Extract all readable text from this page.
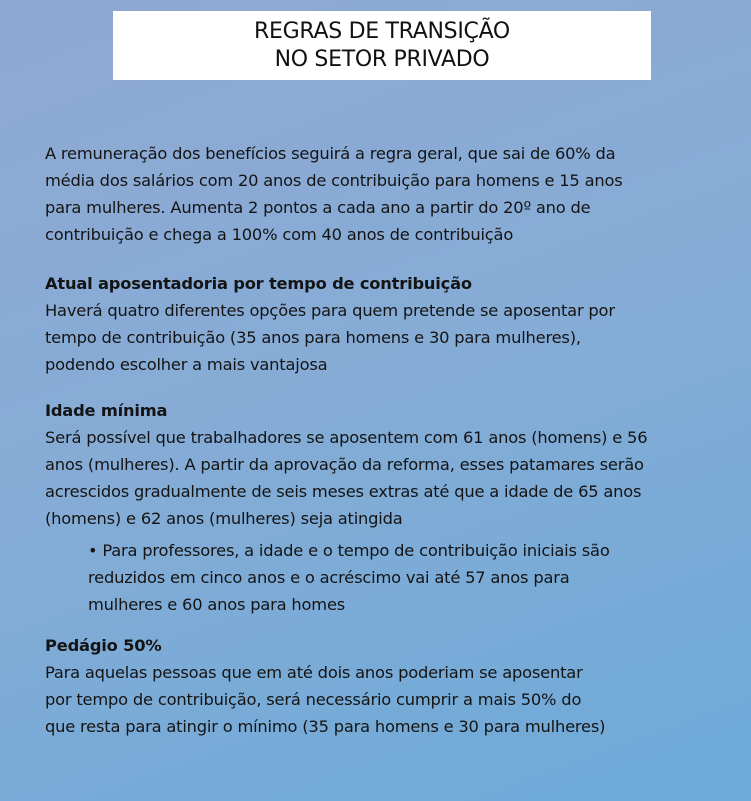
REGRAS DE TRANSIÇÃO
NO SETOR PRIVADO

A remuneração dos benefícios seguirá a regra geral, que sai de 60% da
média dos salários com 20 anos de contribuição para homens e 15 anos
para mulheres. Aumenta 2 pontos a cada ano a partir do 20º ano de
contribuição e chega a 100% com 40 anos de contribuição

Atual aposentadoria por tempo de contribuição

Haverá quatro diferentes opções para quem pretende se aposentar por
tempo de contribuição (35 anos para homens e 30 para mulheres),
podendo escolher a mais vantajosa

Idade mínima

Será possível que trabalhadores se aposentem com 61 anos (homens) e 56
anos (mulheres). A partir da aprovação da reforma, esses patamares serão
acrescidos gradualmente de seis meses extras até que a idade de 65 anos
(homens) e 62 anos (mulheres) seja atingida

• Para professores, a idade e o tempo de contribuição iniciais são
reduzidos em cinco anos e o acréscimo vai até 57 anos para
mulheres e 60 anos para homes

Pedágio 50%

Para aquelas pessoas que em até dois anos poderiam se aposentar
por tempo de contribuição, será necessário cumprir a mais 50% do
que resta para atingir o mínimo (35 para homens e 30 para mulheres)
